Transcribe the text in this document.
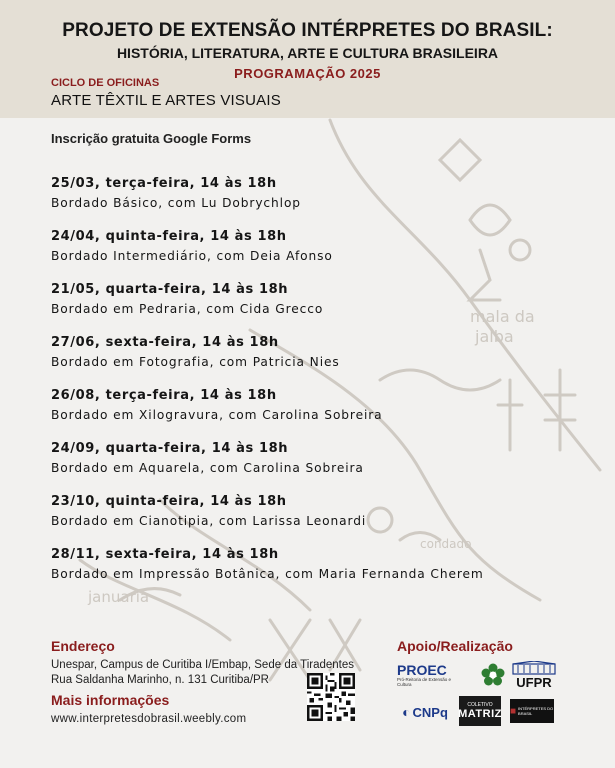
mala da
jalba
januaria
condado
PROJETO DE EXTENSÃO INTÉRPRETES DO BRASIL:
HISTÓRIA, LITERATURA, ARTE E CULTURA BRASILEIRA
PROGRAMAÇÃO 2025
CICLO DE OFICINAS
ARTE TÊXTIL E ARTES VISUAIS
Inscrição gratuita Google Forms
25/03, terça-feira, 14 às 18h
Bordado Básico, com Lu Dobrychlop
24/04, quinta-feira, 14 às 18h
Bordado Intermediário, com Deia Afonso
21/05, quarta-feira, 14 às 18h
Bordado em Pedraria, com Cida Grecco
27/06, sexta-feira, 14 às 18h
Bordado em Fotografia, com Patricia Nies
26/08, terça-feira, 14 às 18h
Bordado em Xilogravura, com Carolina Sobreira
24/09, quarta-feira, 14 às 18h
Bordado em Aquarela, com Carolina Sobreira
23/10, quinta-feira, 14 às 18h
Bordado em Cianotipia, com Larissa Leonardi
28/11, sexta-feira, 14 às 18h
Bordado em Impressão Botânica, com Maria Fernanda Cherem
Endereço
Unespar, Campus de Curitiba I/Embap, Sede da Tiradentes
Rua Saldanha Marinho, n. 131 Curitiba/PR
Mais informações
www.interpretesdobrasil.weebly.com
Apoio/Realização
PROEC
Pró-Reitoria de Extensão e Cultura	UFPR
◐ CNPq	COLETIVO
MATRIZ ■ INTÉRPRETES DO BRASIL
